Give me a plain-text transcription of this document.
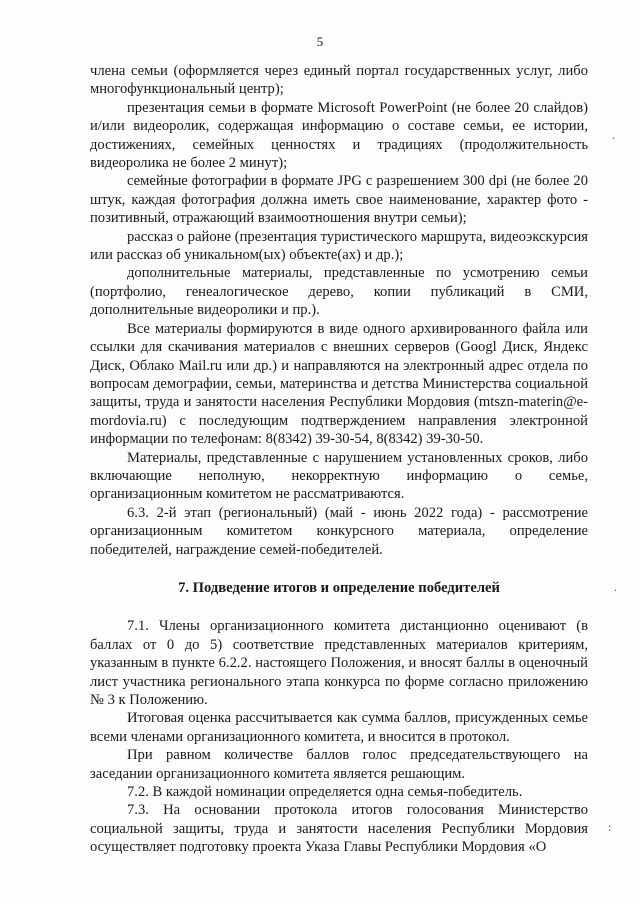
5

члена семьи (оформляется через единый портал государственных услуг, либо многофункциональный центр);

презентация семьи в формате Microsoft PowerPoint (не более 20 слайдов) и/или видеоролик, содержащая информацию о составе семьи, ее истории, достижениях, семейных ценностях и традициях (продолжительность видеоролика не более 2 минут);

семейные фотографии в формате JPG с разрешением 300 dpi (не более 20 штук, каждая фотография должна иметь свое наименование, характер фото - позитивный, отражающий взаимоотношения внутри семьи);

рассказ о районе (презентация туристического маршрута, видеоэкскурсия или рассказ об уникальном(ых) объекте(ах) и др.);

дополнительные материалы, представленные по усмотрению семьи (портфолио, генеалогическое дерево, копии публикаций в СМИ, дополнительные видеоролики и пр.).

Все материалы формируются в виде одного архивированного файла или ссылки для скачивания материалов с внешних серверов (Googl Диск, Яндекс Диск, Облако Mail.ru или др.) и направляются на электронный адрес отдела по вопросам демографии, семьи, материнства и детства Министерства социальной защиты, труда и занятости населения Республики Мордовия (mtszn-materin@e-mordovia.ru) с последующим подтверждением направления электронной информации по телефонам: 8(8342) 39-30-54, 8(8342) 39-30-50.

Материалы, представленные с нарушением установленных сроков, либо включающие неполную, некорректную информацию о семье, организационным комитетом не рассматриваются.

6.3. 2-й этап (региональный) (май - июнь 2022 года) - рассмотрение организационным комитетом конкурсного материала, определение победителей, награждение семей-победителей.

7. Подведение итогов и определение победителей

7.1. Члены организационного комитета дистанционно оценивают (в баллах от 0 до 5) соответствие представленных материалов критериям, указанным в пункте 6.2.2. настоящего Положения, и вносят баллы в оценочный лист участника регионального этапа конкурса по форме согласно приложению № 3 к Положению.

Итоговая оценка рассчитывается как сумма баллов, присужденных семье всеми членами организационного комитета, и вносится в протокол.

При равном количестве баллов голос председательствующего на заседании организационного комитета является решающим.

7.2. В каждой номинации определяется одна семья-победитель.

7.3. На основании протокола итогов голосования Министерство социальной защиты, труда и занятости населения Республики Мордовия осуществляет подготовку проекта Указа Главы Республики Мордовия «О

.
.
:
